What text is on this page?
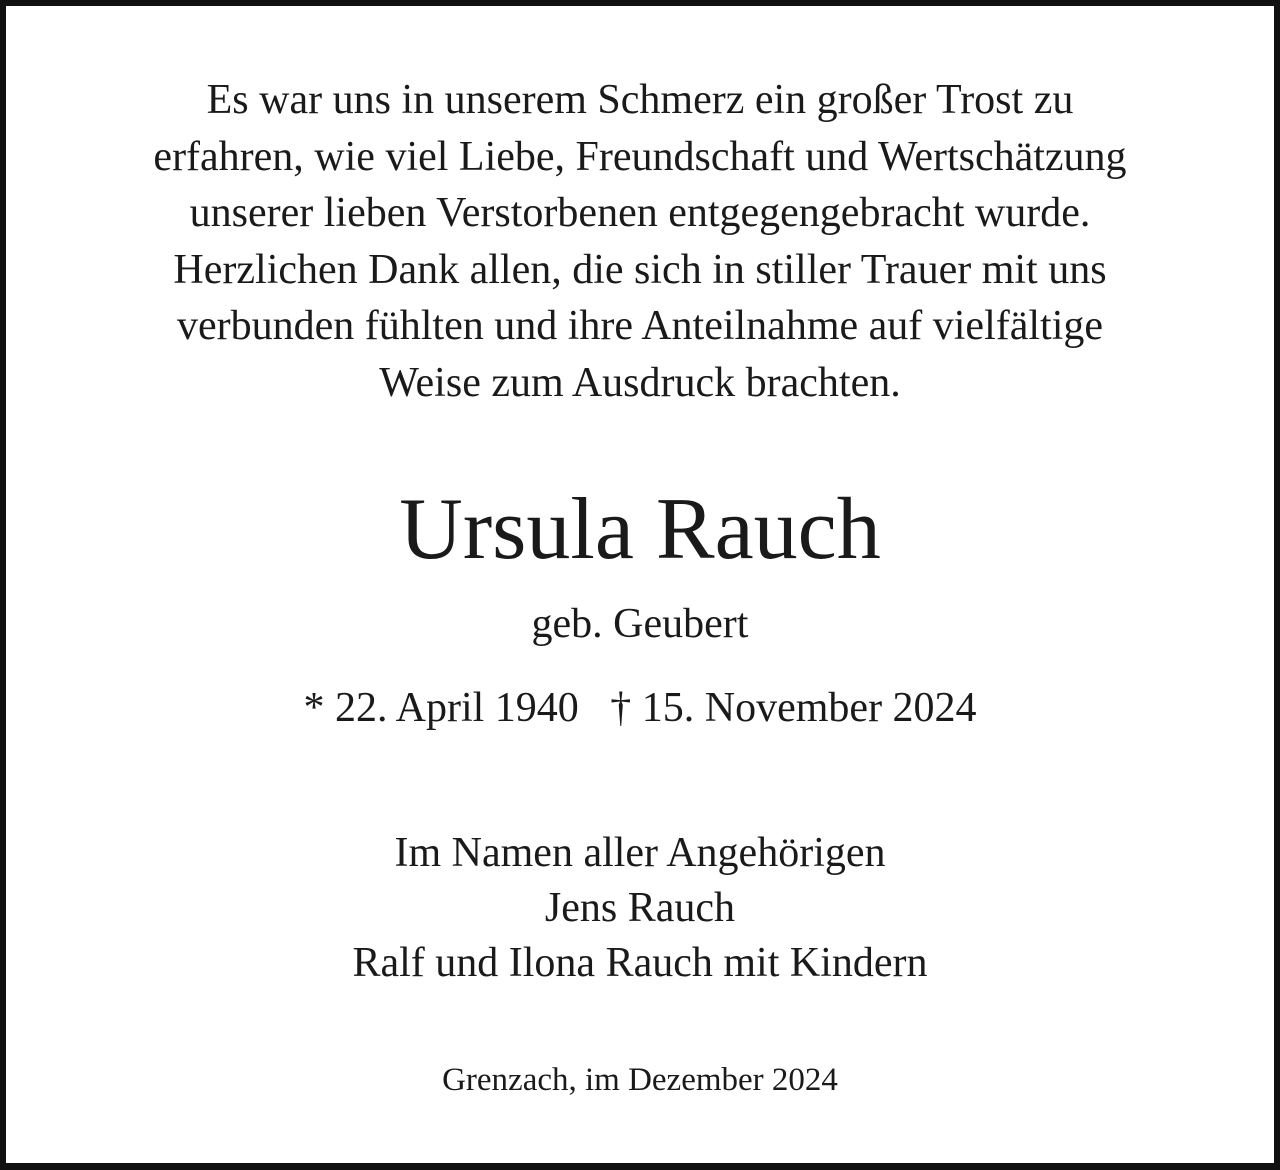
Es war uns in unserem Schmerz ein großer Trost zu
erfahren, wie viel Liebe, Freundschaft und Wertschätzung
unserer lieben Verstorbenen entgegengebracht wurde.
Herzlichen Dank allen, die sich in stiller Trauer mit uns
verbunden fühlten und ihre Anteilnahme auf vielfältige
Weise zum Ausdruck brachten.
Ursula Rauch
geb. Geubert
* 22. April 1940 † 15. November 2024
Im Namen aller Angehörigen
Jens Rauch
Ralf und Ilona Rauch mit Kindern
Grenzach, im Dezember 2024
